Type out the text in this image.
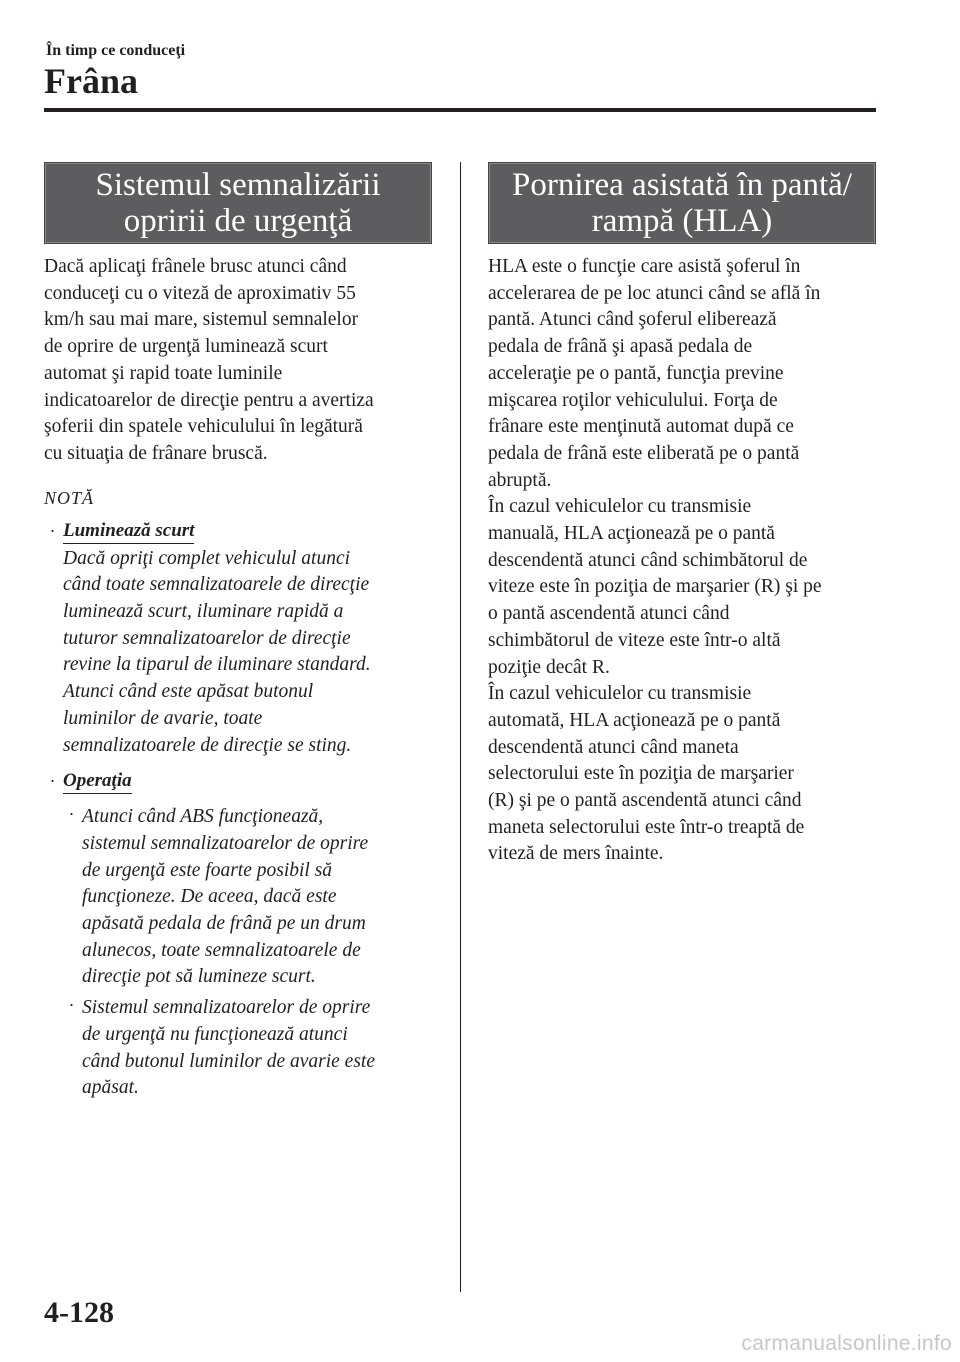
În timp ce conduceţi
Frâna
Sistemul semnalizării
opririi de urgenţă
Dacă aplicaţi frânele brusc atunci când
conduceţi cu o viteză de aproximativ 55
km/h sau mai mare, sistemul semnalelor
de oprire de urgenţă luminează scurt
automat şi rapid toate luminile
indicatoarelor de direcţie pentru a avertiza
şoferii din spatele vehiculului în legătură
cu situaţia de frânare bruscă.
NOTĂ
· Luminează scurt
Dacă opriţi complet vehiculul atunci
când toate semnalizatoarele de direcţie
luminează scurt, iluminare rapidă a
tuturor semnalizatoarelor de direcţie
revine la tiparul de iluminare standard.
Atunci când este apăsat butonul
luminilor de avarie, toate
semnalizatoarele de direcţie se sting.
· Operaţia
· Atunci când ABS funcţionează,
sistemul semnalizatoarelor de oprire
de urgenţă este foarte posibil să
funcţioneze. De aceea, dacă este
apăsată pedala de frână pe un drum
alunecos, toate semnalizatoarele de
direcţie pot să lumineze scurt.
· Sistemul semnalizatoarelor de oprire
de urgenţă nu funcţionează atunci
când butonul luminilor de avarie este
apăsat.
Pornirea asistată în pantă/
rampă (HLA)
HLA este o funcţie care asistă şoferul în
accelerarea de pe loc atunci când se află în
pantă. Atunci când şoferul eliberează
pedala de frână şi apasă pedala de
acceleraţie pe o pantă, funcţia previne
mişcarea roţilor vehiculului. Forţa de
frânare este menţinută automat după ce
pedala de frână este eliberată pe o pantă
abruptă.
În cazul vehiculelor cu transmisie
manuală, HLA acţionează pe o pantă
descendentă atunci când schimbătorul de
viteze este în poziţia de marşarier (R) şi pe
o pantă ascendentă atunci când
schimbătorul de viteze este într-o altă
poziţie decât R.
În cazul vehiculelor cu transmisie
automată, HLA acţionează pe o pantă
descendentă atunci când maneta
selectorului este în poziţia de marşarier
(R) şi pe o pantă ascendentă atunci când
maneta selectorului este într-o treaptă de
viteză de mers înainte.
4-128
carmanualsonline.info
